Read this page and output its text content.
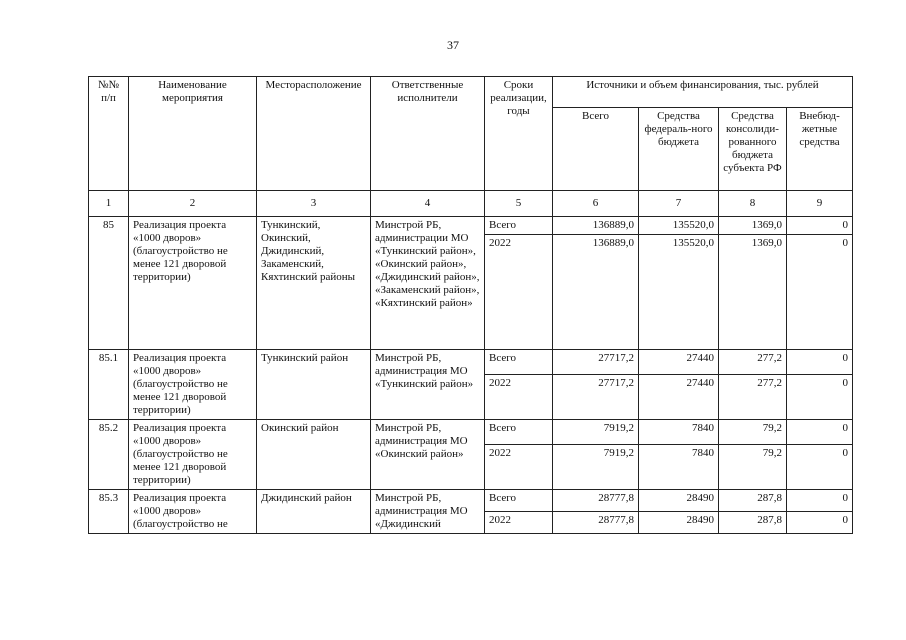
37
№№ п/п	Наименование мероприятия	Месторасположение	Ответственные исполнители	Сроки реализации, годы	Источники и объем финансирования, тыс. рублей			
					Всего	Средства федераль-ного бюджета	Средства консолиди-рованного бюджета субъекта РФ	Внебюд-жетные средства
1	2	3	4	5	6	7	8	9
85	Реализация проекта «1000 дворов» (благоустройство не менее 121 дворовой территории)	Тункинский, Окинский, Джидинский, Закаменский, Кяхтинский районы	Минстрой РБ, администрации МО «Тункинский район», «Окинский район», «Джидинский район», «Закаменский район», «Кяхтинский район»	Всего	136889,0	135520,0	1369,0	0
				2022	136889,0	135520,0	1369,0	0
85.1	Реализация проекта «1000 дворов» (благоустройство не менее 121 дворовой территории)	Тункинский район	Минстрой РБ, администрация МО «Тункинский район»	Всего	27717,2	27440	277,2	0
				2022	27717,2	27440	277,2	0
85.2	Реализация проекта «1000 дворов» (благоустройство не менее 121 дворовой территории)	Окинский район	Минстрой РБ, администрация МО «Окинский район»	Всего	7919,2	7840	79,2	0
				2022	7919,2	7840	79,2	0
85.3	Реализация проекта «1000 дворов» (благоустройство не	Джидинский район	Минстрой РБ, администрация МО «Джидинский	Всего	28777,8	28490	287,8	0
				2022	28777,8	28490	287,8	0
